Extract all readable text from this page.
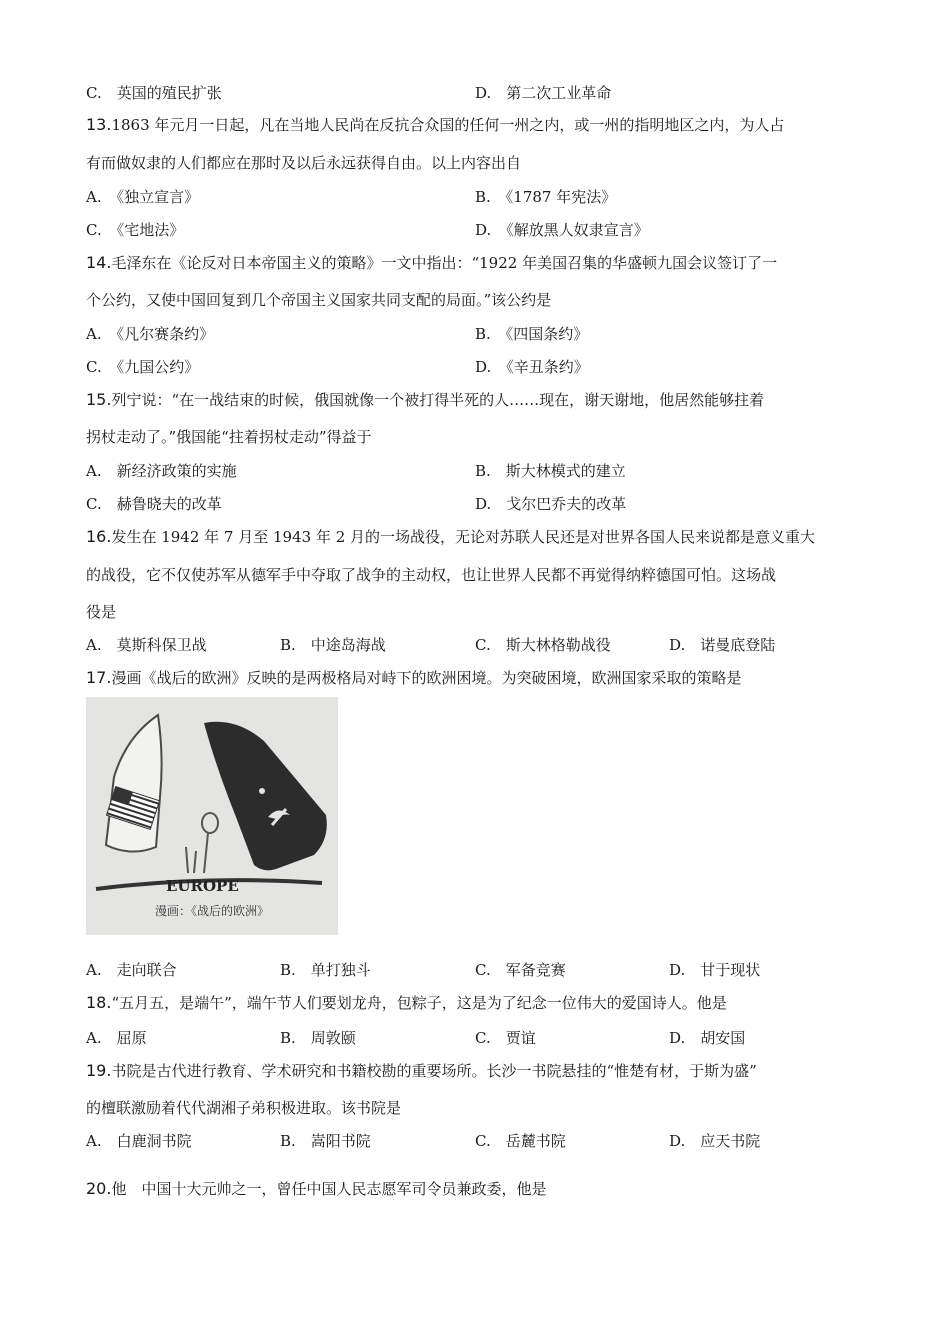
C.　英国的殖民扩张	D.　第二次工业革命
13.1863 年元月一日起，凡在当地人民尚在反抗合众国的任何一州之内，或一州的指明地区之内，为人占
有而做奴隶的人们都应在那时及以后永远获得自由。以上内容出自
A.　《独立宣言》	B.　《1787 年宪法》
C.　《宅地法》	D.　《解放黑人奴隶宣言》
14.毛泽东在《论反对日本帝国主义的策略》一文中指出：“1922 年美国召集的华盛顿九国会议签订了一
个公约，又使中国回复到几个帝国主义国家共同支配的局面。”该公约是
A.　《凡尔赛条约》	B.　《四国条约》
C.　《九国公约》	D.　《辛丑条约》
15.列宁说：“在一战结束的时候，俄国就像一个被打得半死的人……现在，谢天谢地，他居然能够拄着
拐杖走动了。”俄国能“拄着拐杖走动”得益于
A.　新经济政策的实施	B.　斯大林模式的建立
C.　赫鲁晓夫的改革	D.　戈尔巴乔夫的改革
16.发生在 1942 年 7 月至 1943 年 2 月的一场战役，无论对苏联人民还是对世界各国人民来说都是意义重大
的战役，它不仅使苏军从德军手中夺取了战争的主动权，也让世界人民都不再觉得纳粹德国可怕。这场战
役是
A.　莫斯科保卫战	B.　中途岛海战	C.　斯大林格勒战役	D.　诺曼底登陆
17.漫画《战后的欧洲》反映的是两极格局对峙下的欧洲困境。为突破困境，欧洲国家采取的策略是
EUROPE
漫画：《战后的欧洲》
A.　走向联合	B.　单打独斗	C.　军备竞赛	D.　甘于现状
18.“五月五，是端午”，端午节人们要划龙舟，包粽子，这是为了纪念一位伟大的爱国诗人。他是
A.　屈原	B.　周敦颐	C.　贾谊	D.　胡安国
19.书院是古代进行教育、学术研究和书籍校勘的重要场所。长沙一书院悬挂的“惟楚有材，于斯为盛”
的檀联激励着代代湖湘子弟积极进取。该书院是
A.　白鹿洞书院	B.　嵩阳书院	C.　岳麓书院	D.　应天书院
20.他　中国十大元帅之一，曾任中国人民志愿军司令员兼政委，他是
